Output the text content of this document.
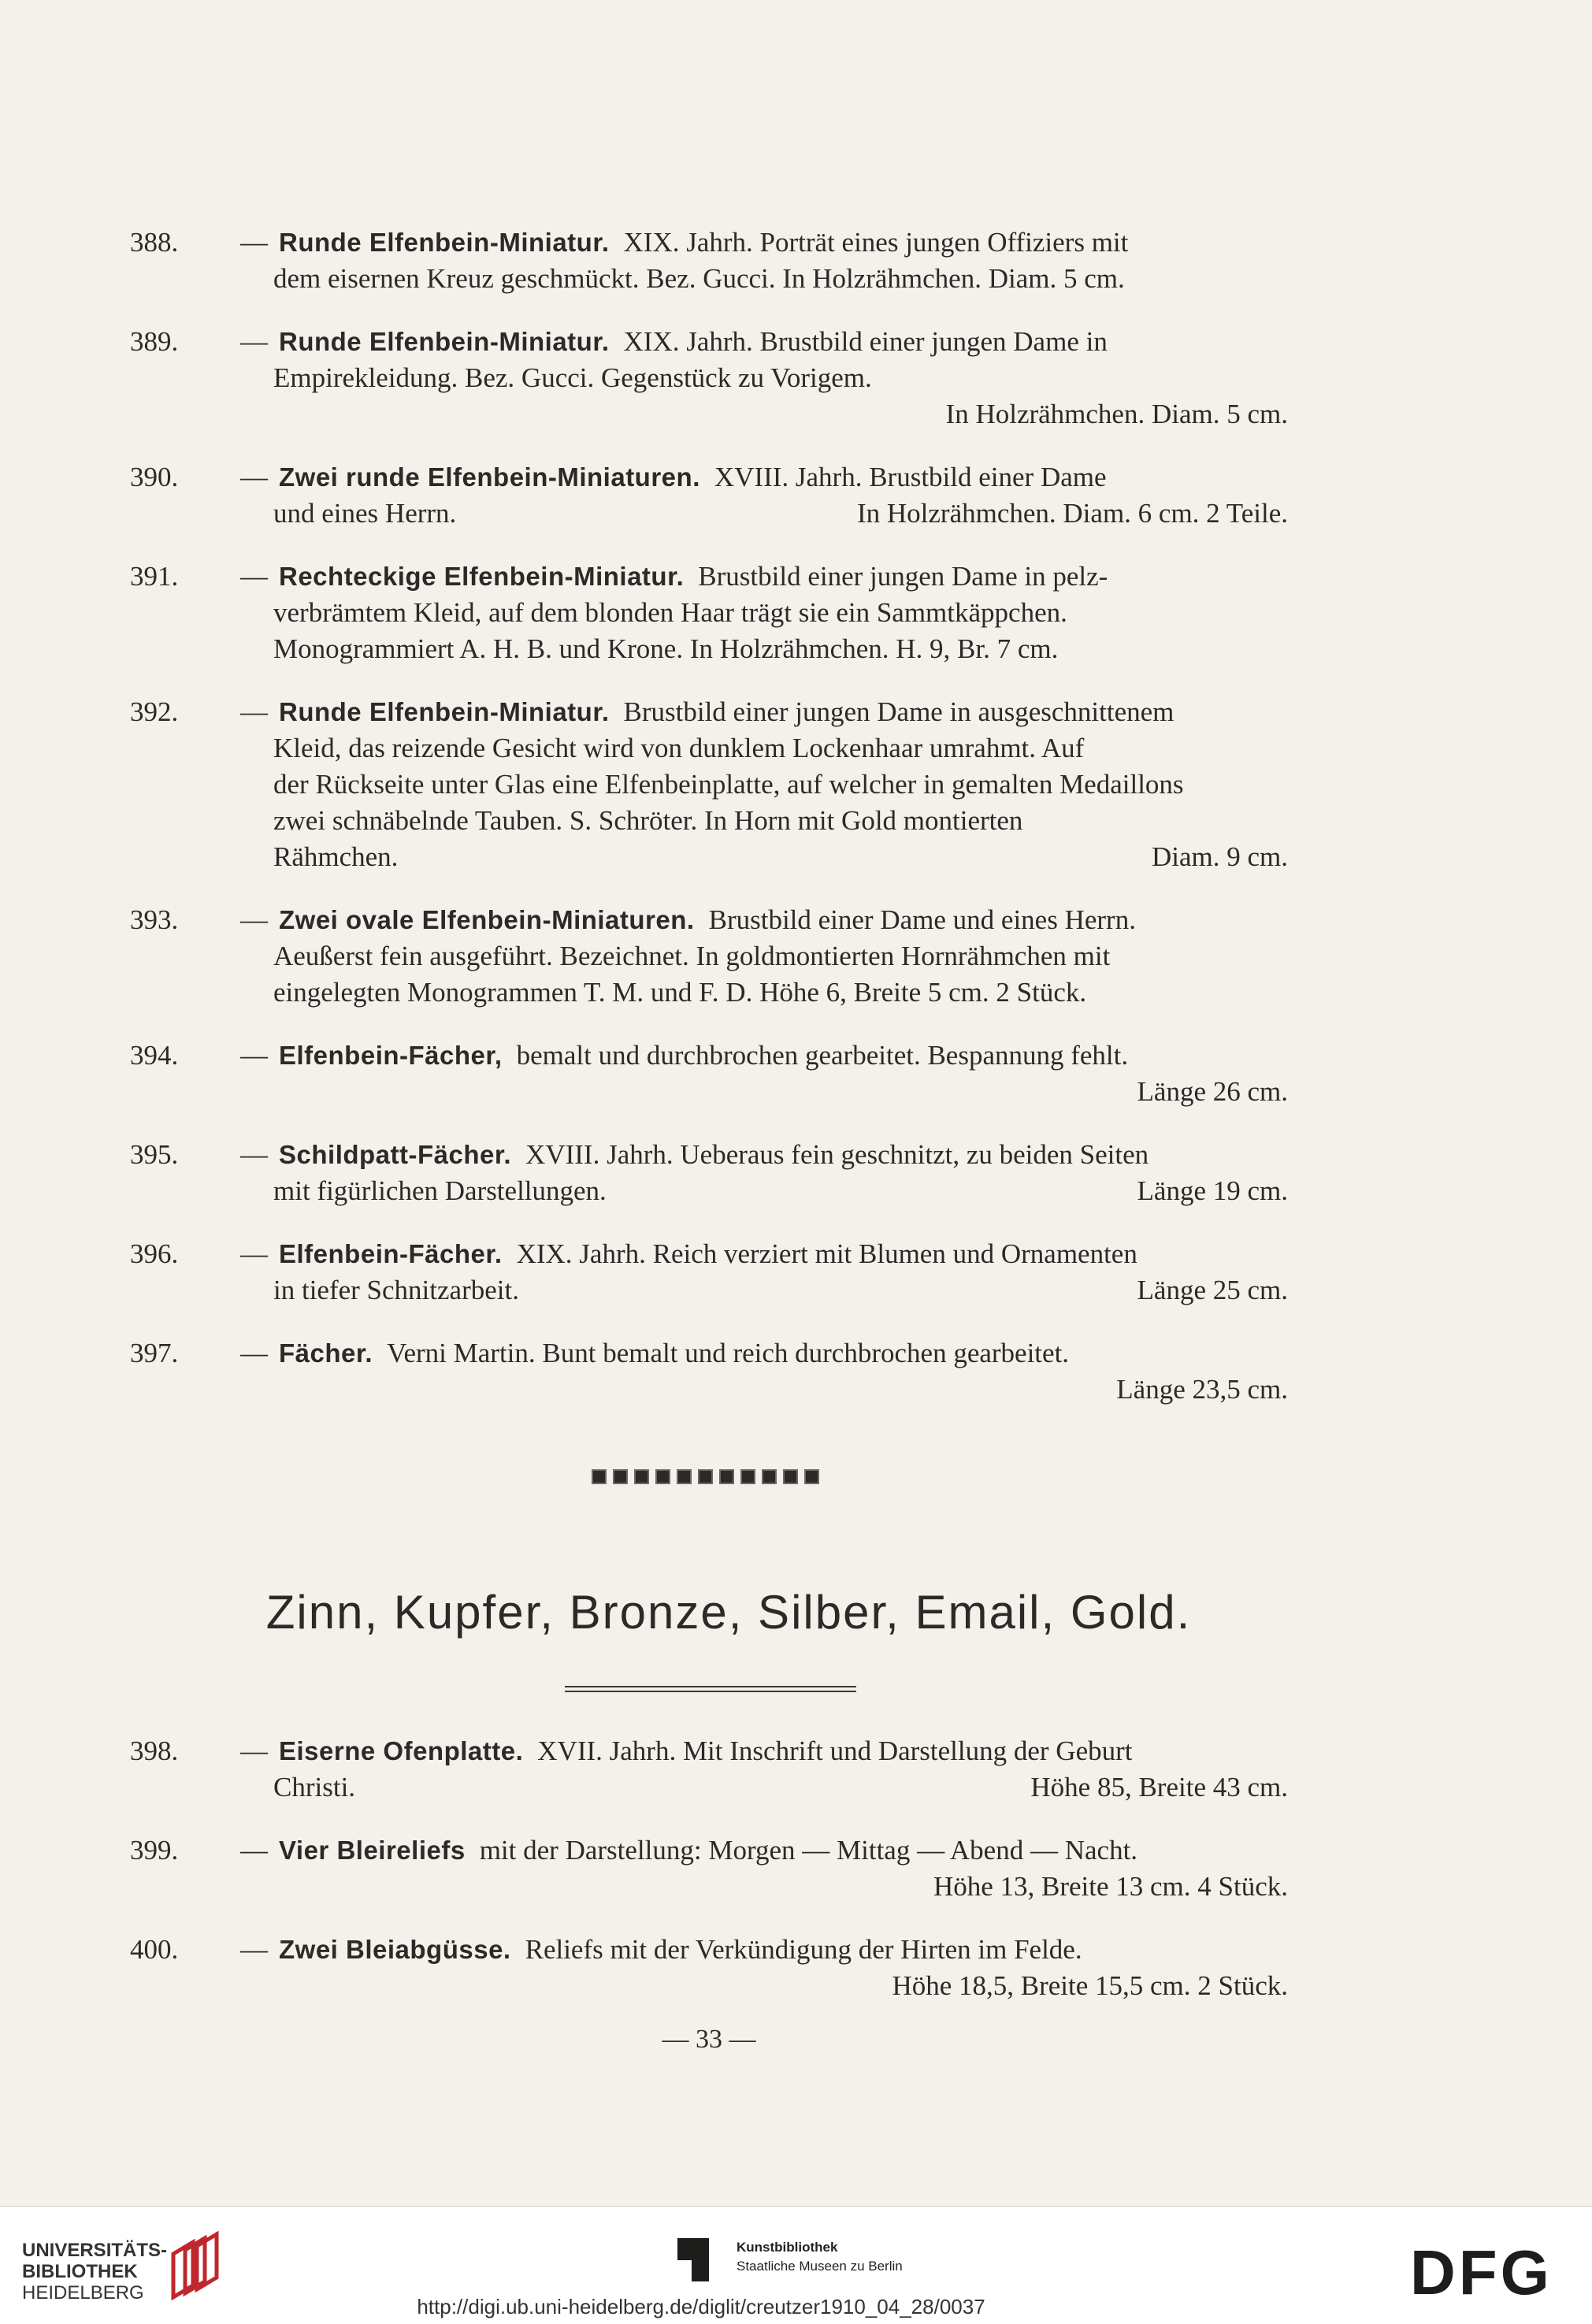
388.	— Runde Elfenbein-Miniatur. XIX. Jahrh. Porträt eines jungen Offiziers mit
dem eisernen Kreuz geschmückt. Bez. Gucci. In Holzrähmchen. Diam. 5 cm.
389.	— Runde Elfenbein-Miniatur. XIX. Jahrh. Brustbild einer jungen Dame in
Empirekleidung. Bez. Gucci. Gegenstück zu Vorigem.
In Holzrähmchen. Diam. 5 cm.
390.	— Zwei runde Elfenbein-Miniaturen. XVIII. Jahrh. Brustbild einer Dame
und eines Herrn.	In Holzrähmchen. Diam. 6 cm. 2 Teile.
391.	— Rechteckige Elfenbein-Miniatur. Brustbild einer jungen Dame in pelz-
verbrämtem Kleid, auf dem blonden Haar trägt sie ein Sammtkäppchen.
Monogrammiert A. H. B. und Krone. In Holzrähmchen. H. 9, Br. 7 cm.
392.	— Runde Elfenbein-Miniatur. Brustbild einer jungen Dame in ausgeschnittenem
Kleid, das reizende Gesicht wird von dunklem Lockenhaar umrahmt. Auf
der Rückseite unter Glas eine Elfenbeinplatte, auf welcher in gemalten Medaillons
zwei schnäbelnde Tauben. S. Schröter. In Horn mit Gold montierten
Rähmchen.	Diam. 9 cm.
393.	— Zwei ovale Elfenbein-Miniaturen. Brustbild einer Dame und eines Herrn.
Aeußerst fein ausgeführt. Bezeichnet. In goldmontierten Hornrähmchen mit
eingelegten Monogrammen T. M. und F. D. Höhe 6, Breite 5 cm. 2 Stück.
394.	— Elfenbein-Fächer, bemalt und durchbrochen gearbeitet. Bespannung fehlt.
Länge 26 cm.
395.	— Schildpatt-Fächer. XVIII. Jahrh. Ueberaus fein geschnitzt, zu beiden Seiten
mit figürlichen Darstellungen.	Länge 19 cm.
396.	— Elfenbein-Fächer. XIX. Jahrh. Reich verziert mit Blumen und Ornamenten
in tiefer Schnitzarbeit.	Länge 25 cm.
397.	— Fächer. Verni Martin. Bunt bemalt und reich durchbrochen gearbeitet.
Länge 23,5 cm.
Zinn, Kupfer, Bronze, Silber, Email, Gold.
398.	— Eiserne Ofenplatte. XVII. Jahrh. Mit Inschrift und Darstellung der Geburt
Christi.	Höhe 85, Breite 43 cm.
399.	— Vier Bleireliefs mit der Darstellung: Morgen — Mittag — Abend — Nacht.
Höhe 13, Breite 13 cm. 4 Stück.
400.	— Zwei Bleiabgüsse. Reliefs mit der Verkündigung der Hirten im Felde.
Höhe 18,5, Breite 15,5 cm. 2 Stück.
— 33 —
UNIVERSITÄTS-
BIBLIOTHEK
HEIDELBERG
Kunstbibliothek
Staatliche Museen zu Berlin	DFG
http://digi.ub.uni-heidelberg.de/diglit/creutzer1910_04_28/0037
